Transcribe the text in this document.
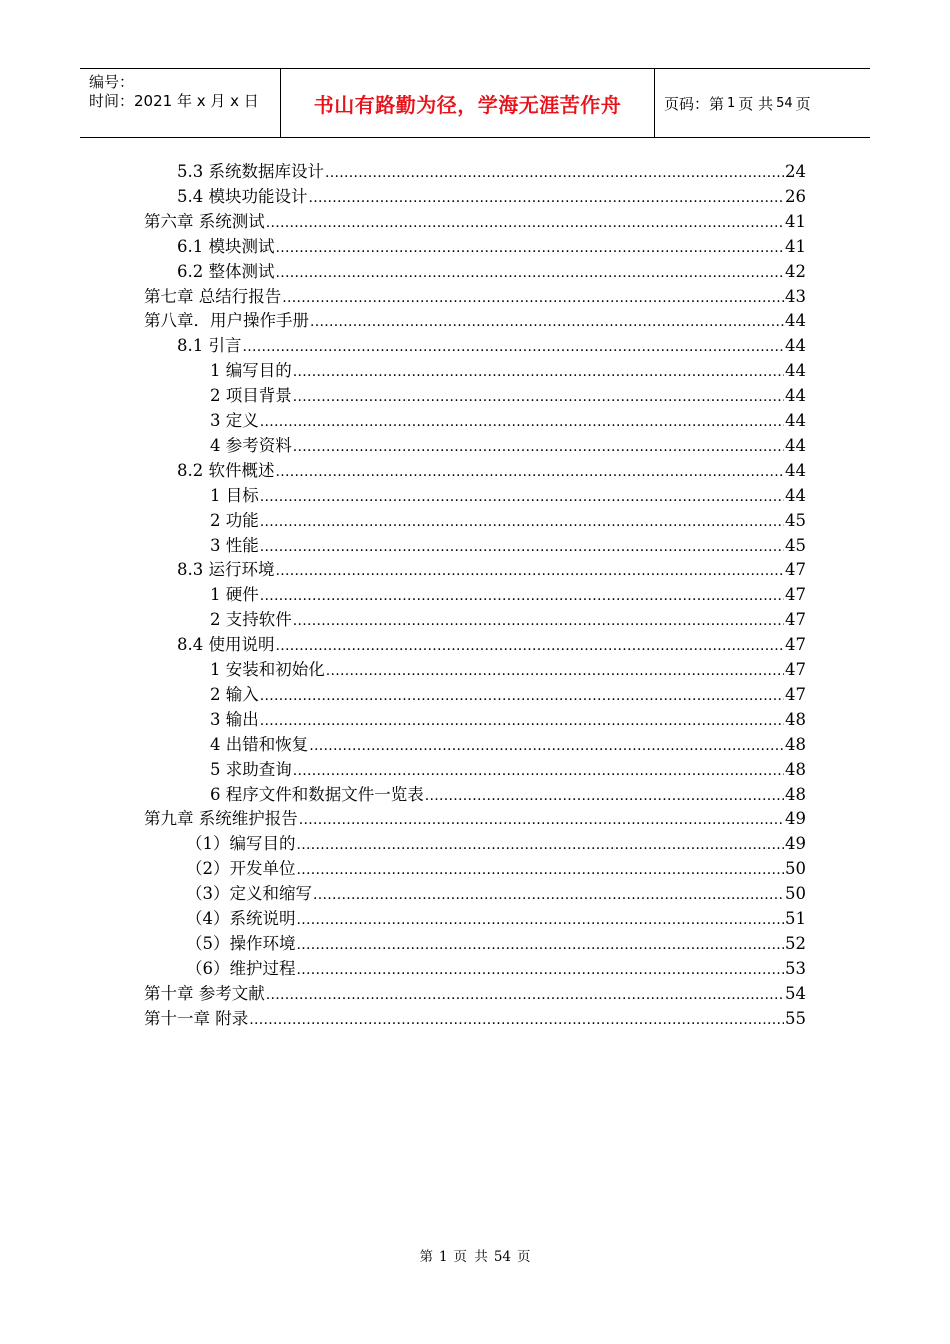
编号：
时间：2021 年 x 月 x 日	书山有路勤为径，学海无涯苦作舟	页码：第 1 页 共 54 页
5.3 系统数据库设计 .....	24
5.4 模块功能设计 .....	26
第六章 系统测试 .....	41
6.1 模块测试 .....	41
6.2 整体测试 .....	42
第七章 总结行报告 .....	43
第八章．用户操作手册 .....	44
8.1 引言 .....	44
1 编写目的 .....	44
2 项目背景 .....	44
3 定义 .....	44
4 参考资料 .....	44
8.2 软件概述 .....	44
1 目标 .....	44
2 功能 .....	45
3 性能 .....	45
8.3 运行环境 .....	47
1 硬件 .....	47
2 支持软件 .....	47
8.4 使用说明 .....	47
1 安装和初始化 .....	47
2 输入 .....	47
3 输出 .....	48
4 出错和恢复 .....	48
5 求助查询 .....	48
6 程序文件和数据文件一览表 .....	48
第九章 系统维护报告 .....	49
（1）编写目的 .....	49
（2）开发单位 .....	50
（3）定义和缩写 .....	50
（4）系统说明 .....	51
（5）操作环境 .....	52
（6）维护过程 .....	53
第十章 参考文献 .....	54
第十一章 附录 .....	55
第 1 页 共 54 页
